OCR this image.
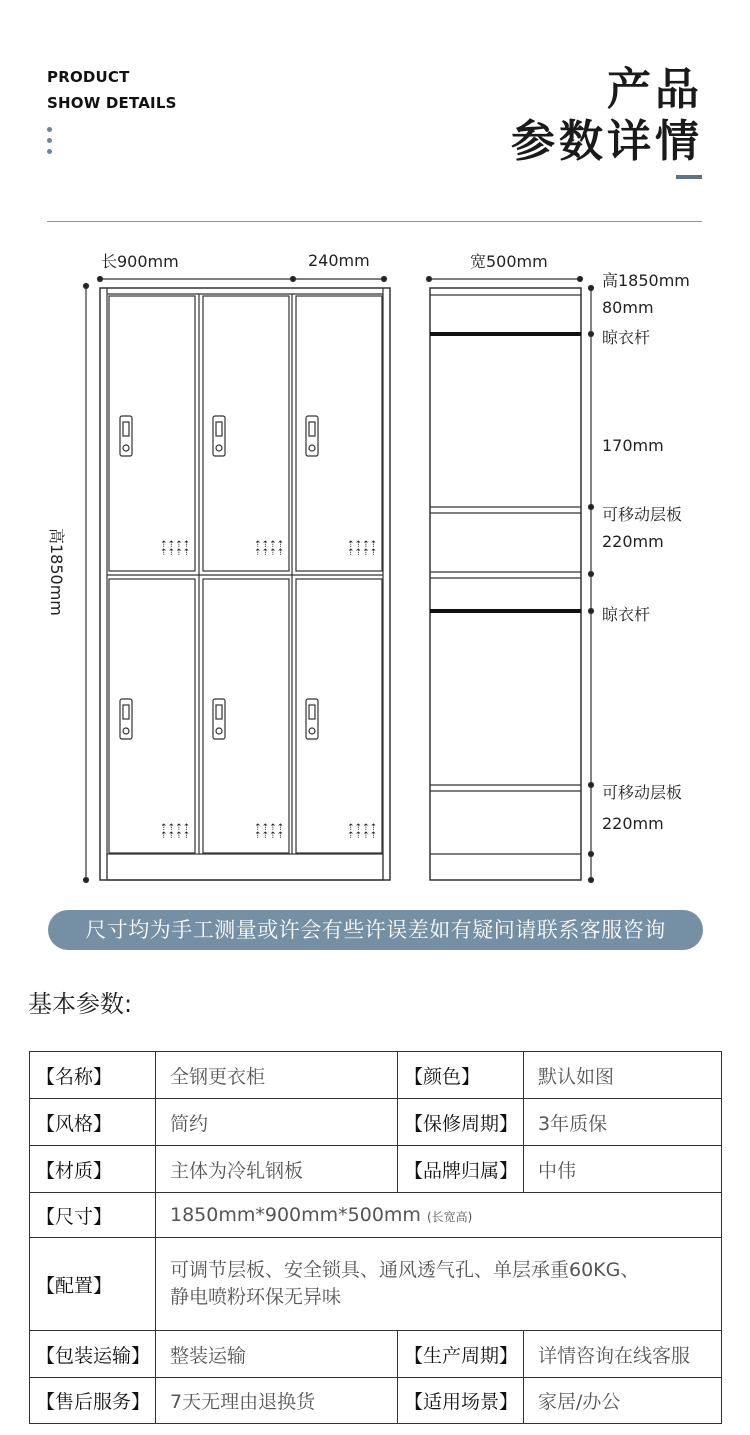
PRODUCT
SHOW DETAILS	产品
参数详情
⇡⇡⇡⇡
⇡⇡⇡⇡
⇡⇡⇡⇡
⇡⇡⇡⇡
⇡⇡⇡⇡
⇡⇡⇡⇡
⇡⇡⇡⇡
⇡⇡⇡⇡
⇡⇡⇡⇡
⇡⇡⇡⇡
⇡⇡⇡⇡
⇡⇡⇡⇡
长900mm	240mm
高1850mm
宽500mm
高1850mm
80mm
晾衣杆
170mm
可移动层板
220mm
晾衣杆
可移动层板
220mm
尺寸均为手工测量或许会有些许误差如有疑问请联系客服咨询
基本参数:
【名称】	全钢更衣柜	【颜色】	默认如图
【风格】	简约	【保修周期】	3年质保
【材质】	主体为冷轧钢板	【品牌归属】	中伟
【尺寸】	1850mm*900mm*500mm (长宽高)		
【配置】	可调节层板、安全锁具、通风透气孔、单层承重60KG、
静电喷粉环保无异味		

【包装运输】	整装运输	【生产周期】	详情咨询在线客服
【售后服务】	7天无理由退换货	【适用场景】	家居/办公
